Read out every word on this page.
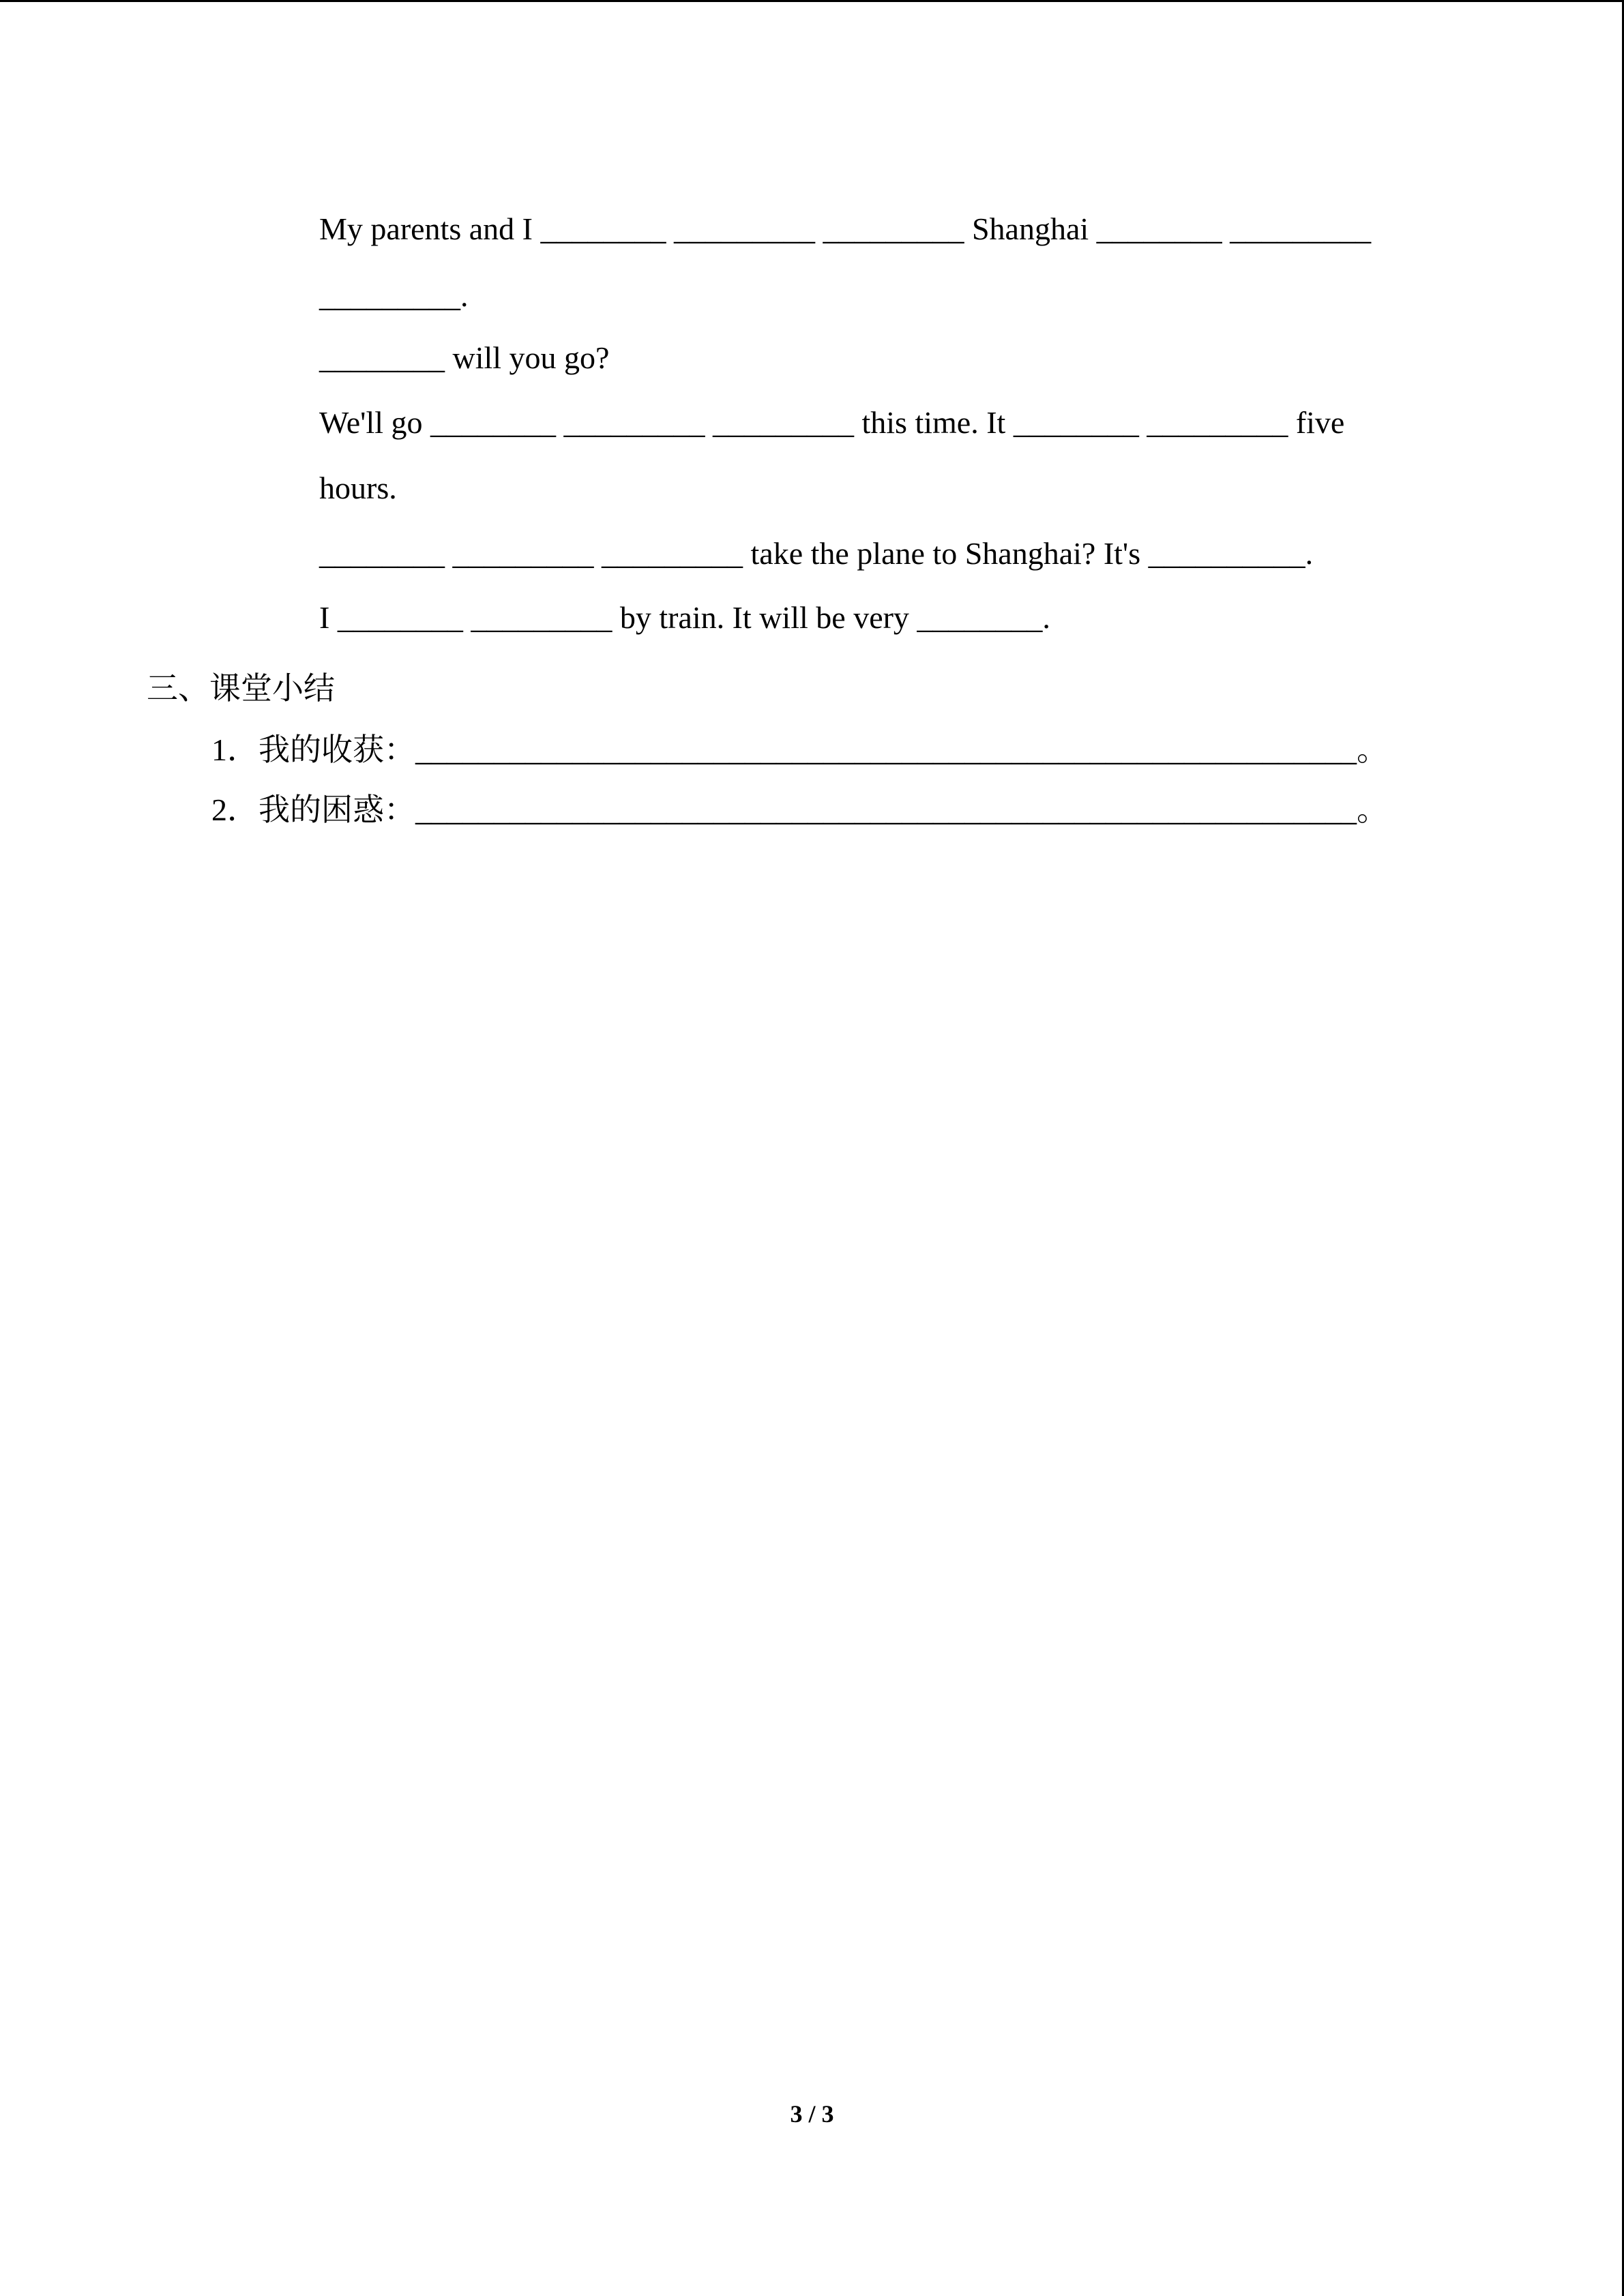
My parents and I ________ _________ _________ Shanghai ________ _________
_________.
________ will you go?
We'll go ________ _________ _________ this time. It ________ _________ five
hours.
________ _________ _________ take the plane to Shanghai? It's __________.
I ________ _________ by train. It will be very ________.
三、课堂小结
1．我的收获：____________________________________________________________。
2．我的困惑：____________________________________________________________。
3 / 3
